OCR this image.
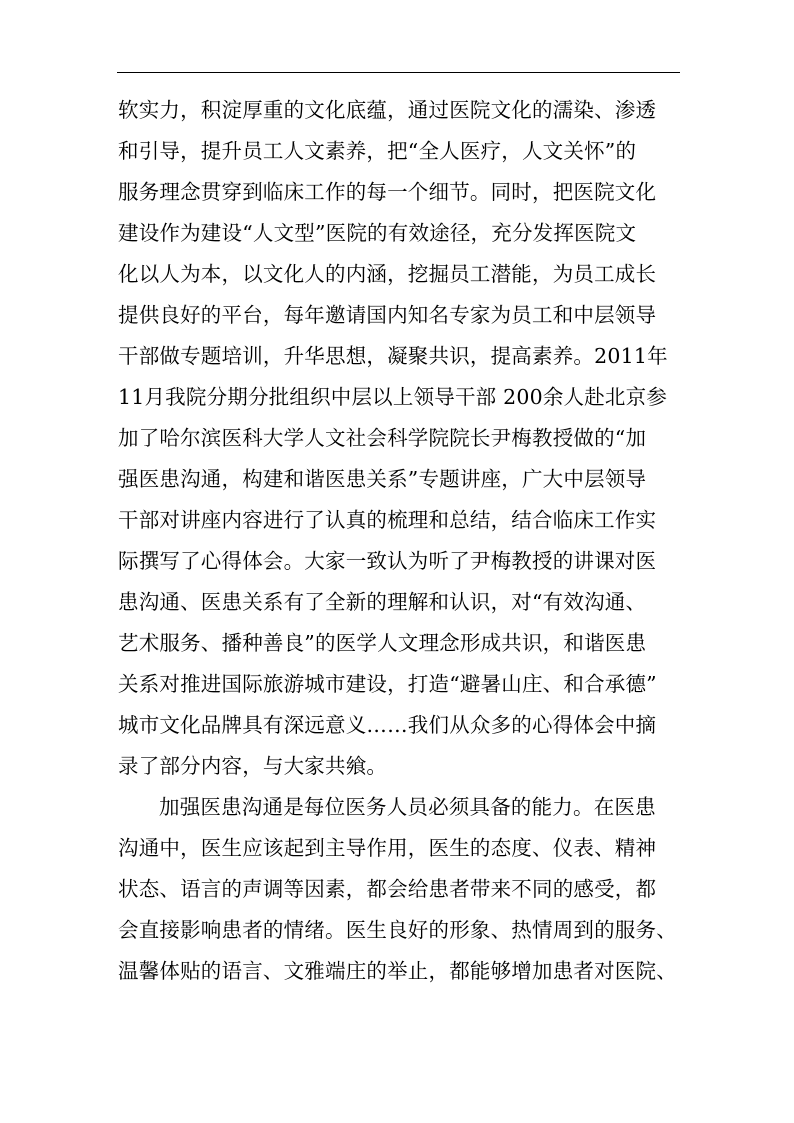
软实力，积淀厚重的文化底蕴，通过医院文化的濡染、渗透
和引导，提升员工人文素养，把“全人医疗，人文关怀”的
服务理念贯穿到临床工作的每一个细节。同时，把医院文化
建设作为建设“人文型”医院的有效途径，充分发挥医院文
化以人为本，以文化人的内涵，挖掘员工潜能，为员工成长
提供良好的平台，每年邀请国内知名专家为员工和中层领导
干部做专题培训，升华思想，凝聚共识，提高素养。2011年
11月我院分期分批组织中层以上领导干部 200余人赴北京参
加了哈尔滨医科大学人文社会科学院院长尹梅教授做的“加
强医患沟通，构建和谐医患关系”专题讲座，广大中层领导
干部对讲座内容进行了认真的梳理和总结，结合临床工作实
际撰写了心得体会。大家一致认为听了尹梅教授的讲课对医
患沟通、医患关系有了全新的理解和认识，对“有效沟通、
艺术服务、播种善良”的医学人文理念形成共识，和谐医患
关系对推进国际旅游城市建设，打造“避暑山庄、和合承德”
城市文化品牌具有深远意义……我们从众多的心得体会中摘
录了部分内容，与大家共飨。
加强医患沟通是每位医务人员必须具备的能力。在医患
沟通中，医生应该起到主导作用，医生的态度、仪表、精神
状态、语言的声调等因素，都会给患者带来不同的感受，都
会直接影响患者的情绪。医生良好的形象、热情周到的服务、
温馨体贴的语言、文雅端庄的举止，都能够增加患者对医院、
